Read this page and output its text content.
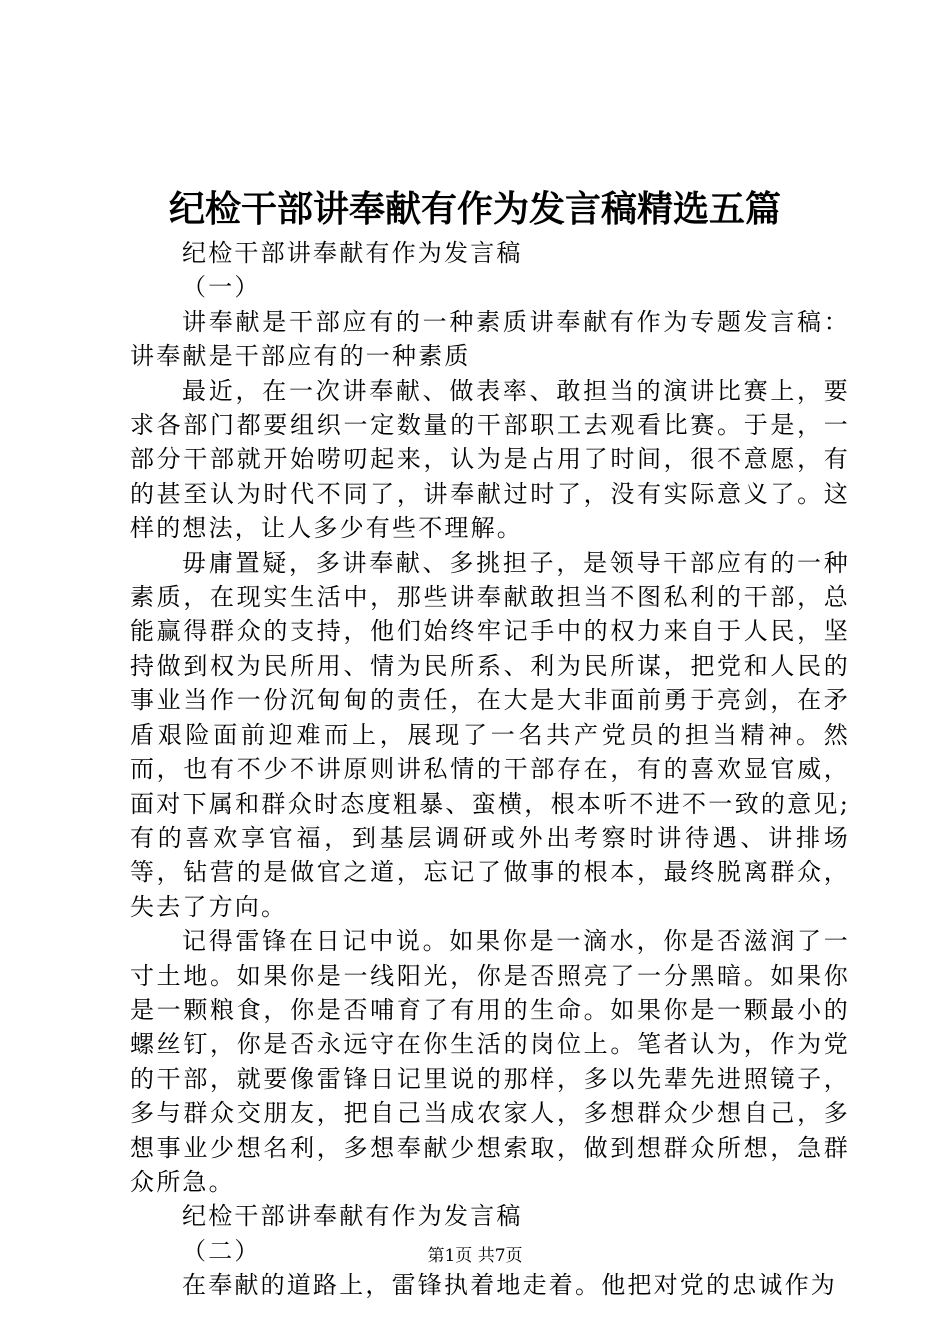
纪检干部讲奉献有作为发言稿精选五篇

纪检干部讲奉献有作为发言稿

（一）

讲奉献是干部应有的一种素质讲奉献有作为专题发言稿：讲奉献是干部应有的一种素质

最近，在一次讲奉献、做表率、敢担当的演讲比赛上，要求各部门都要组织一定数量的干部职工去观看比赛。于是，一部分干部就开始唠叨起来，认为是占用了时间，很不意愿，有的甚至认为时代不同了，讲奉献过时了，没有实际意义了。这样的想法，让人多少有些不理解。

毋庸置疑，多讲奉献、多挑担子，是领导干部应有的一种素质，在现实生活中，那些讲奉献敢担当不图私利的干部，总能赢得群众的支持，他们始终牢记手中的权力来自于人民，坚持做到权为民所用、情为民所系、利为民所谋，把党和人民的事业当作一份沉甸甸的责任，在大是大非面前勇于亮剑，在矛盾艰险面前迎难而上，展现了一名共产党员的担当精神。然而，也有不少不讲原则讲私情的干部存在，有的喜欢显官威，面对下属和群众时态度粗暴、蛮横，根本听不进不一致的意见;有的喜欢享官福，到基层调研或外出考察时讲待遇、讲排场等，钻营的是做官之道，忘记了做事的根本，最终脱离群众，失去了方向。

记得雷锋在日记中说。如果你是一滴水，你是否滋润了一寸土地。如果你是一线阳光，你是否照亮了一分黑暗。如果你是一颗粮食，你是否哺育了有用的生命。如果你是一颗最小的螺丝钉，你是否永远守在你生活的岗位上。笔者认为，作为党的干部，就要像雷锋日记里说的那样，多以先辈先进照镜子，多与群众交朋友，把自己当成农家人，多想群众少想自己，多想事业少想名利，多想奉献少想索取，做到想群众所想，急群众所急。

纪检干部讲奉献有作为发言稿

（二）

在奉献的道路上，雷锋执着地走着。他把对党的忠诚作为

第1页 共7页
